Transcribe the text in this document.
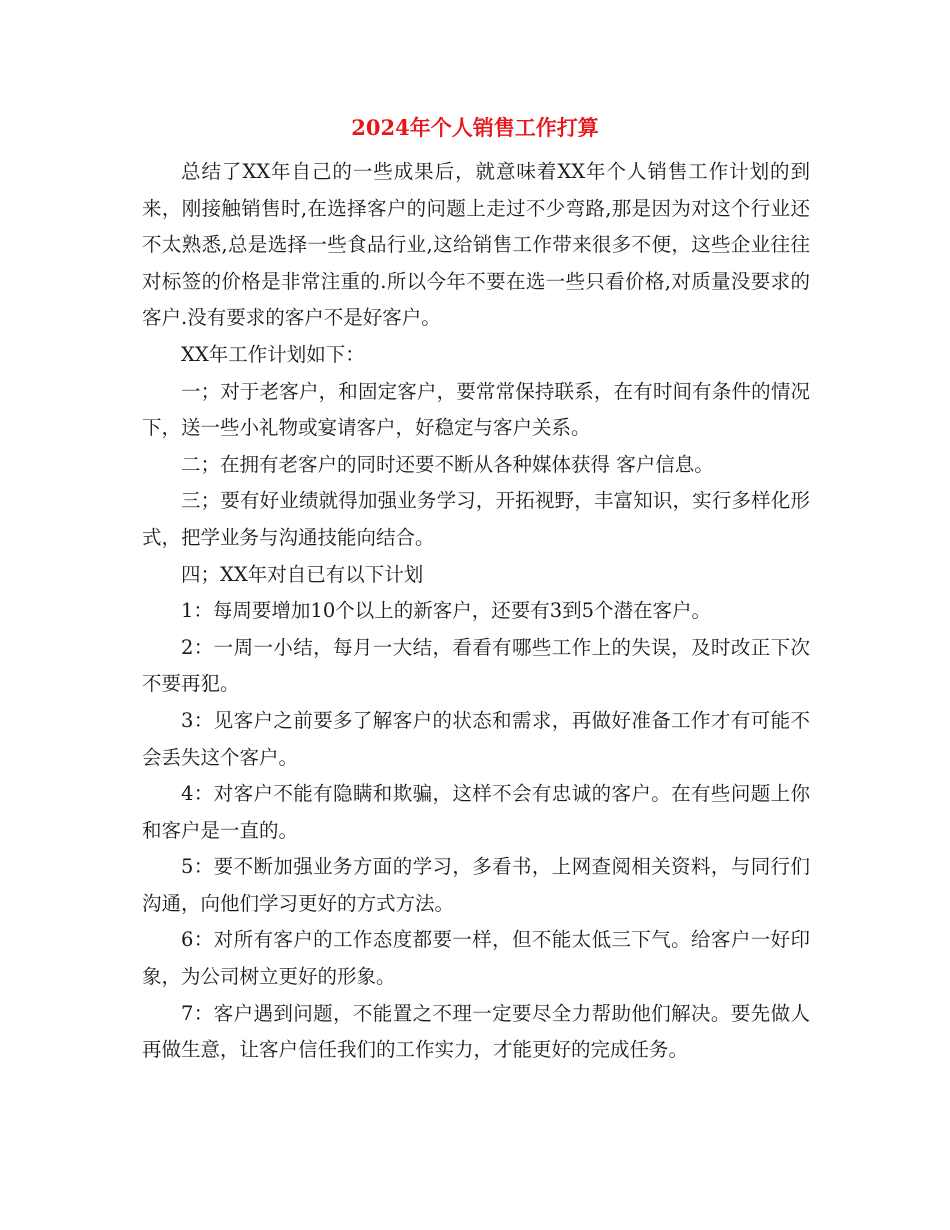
2024年个人销售工作打算

总结了XX年自己的一些成果后，就意味着XX年个人销售工作计划的到来，刚接触销售时,在选择客户的问题上走过不少弯路,那是因为对这个行业还不太熟悉,总是选择一些食品行业,这给销售工作带来很多不便，这些企业往往对标签的价格是非常注重的.所以今年不要在选一些只看价格,对质量没要求的客户.没有要求的客户不是好客户。

XX年工作计划如下：

一；对于老客户，和固定客户，要常常保持联系，在有时间有条件的情况下，送一些小礼物或宴请客户，好稳定与客户关系。

二；在拥有老客户的同时还要不断从各种媒体获得 客户信息。

三；要有好业绩就得加强业务学习，开拓视野，丰富知识，实行多样化形式，把学业务与沟通技能向结合。

四；XX年对自已有以下计划

1：每周要增加10个以上的新客户，还要有3到5个潜在客户。

2：一周一小结，每月一大结，看看有哪些工作上的失误，及时改正下次不要再犯。

3：见客户之前要多了解客户的状态和需求，再做好准备工作才有可能不会丢失这个客户。

4：对客户不能有隐瞒和欺骗，这样不会有忠诚的客户。在有些问题上你和客户是一直的。

5：要不断加强业务方面的学习，多看书，上网查阅相关资料，与同行们沟通，向他们学习更好的方式方法。

6：对所有客户的工作态度都要一样，但不能太低三下气。给客户一好印象，为公司树立更好的形象。

7：客户遇到问题，不能置之不理一定要尽全力帮助他们解决。要先做人再做生意，让客户信任我们的工作实力，才能更好的完成任务。
